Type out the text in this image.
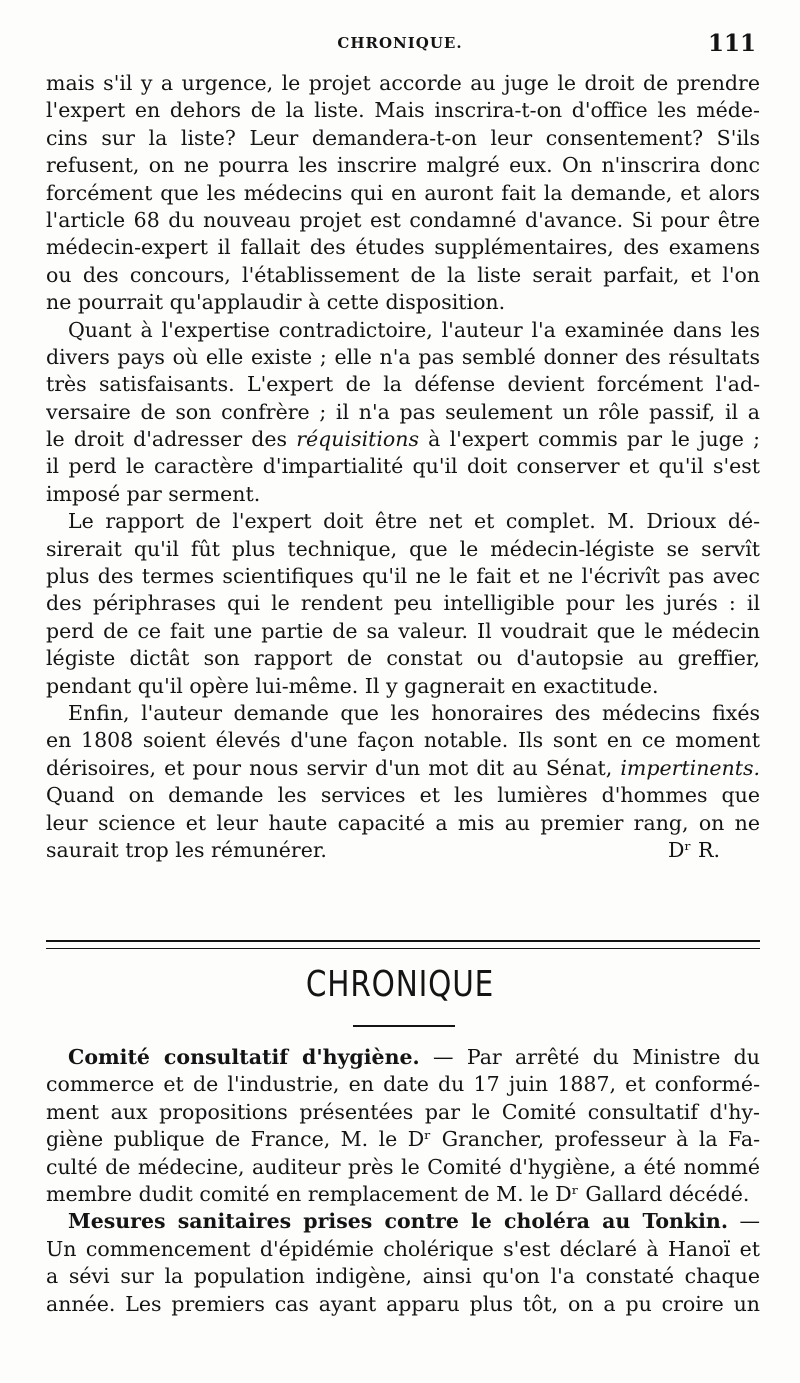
CHRONIQUE.	111
mais s'il y a urgence, le projet accorde au juge le droit de prendre
l'expert en dehors de la liste. Mais inscrira-t-on d'office les méde-
cins sur la liste? Leur demandera-t-on leur consentement? S'ils
refusent, on ne pourra les inscrire malgré eux. On n'inscrira donc
forcément que les médecins qui en auront fait la demande, et alors
l'article 68 du nouveau projet est condamné d'avance. Si pour être
médecin-expert il fallait des études supplémentaires, des examens
ou des concours, l'établissement de la liste serait parfait, et l'on
ne pourrait qu'applaudir à cette disposition.
Quant à l'expertise contradictoire, l'auteur l'a examinée dans les
divers pays où elle existe ; elle n'a pas semblé donner des résultats
très satisfaisants. L'expert de la défense devient forcément l'ad-
versaire de son confrère ; il n'a pas seulement un rôle passif, il a
le droit d'adresser des réquisitions à l'expert commis par le juge ;
il perd le caractère d'impartialité qu'il doit conserver et qu'il s'est
imposé par serment.
Le rapport de l'expert doit être net et complet. M. Drioux dé-
sirerait qu'il fût plus technique, que le médecin-légiste se servît
plus des termes scientifiques qu'il ne le fait et ne l'écrivît pas avec
des périphrases qui le rendent peu intelligible pour les jurés : il
perd de ce fait une partie de sa valeur. Il voudrait que le médecin
légiste dictât son rapport de constat ou d'autopsie au greffier,
pendant qu'il opère lui-même. Il y gagnerait en exactitude.
Enfin, l'auteur demande que les honoraires des médecins fixés
en 1808 soient élevés d'une façon notable. Ils sont en ce moment
dérisoires, et pour nous servir d'un mot dit au Sénat, impertinents.
Quand on demande les services et les lumières d'hommes que
leur science et leur haute capacité a mis au premier rang, on ne
saurait trop les rémunérer.	Dʳ R.
CHRONIQUE
Comité consultatif d'hygiène. — Par arrêté du Ministre du
commerce et de l'industrie, en date du 17 juin 1887, et conformé-
ment aux propositions présentées par le Comité consultatif d'hy-
giène publique de France, M. le Dʳ Grancher, professeur à la Fa-
culté de médecine, auditeur près le Comité d'hygiène, a été nommé
membre dudit comité en remplacement de M. le Dʳ Gallard décédé.
Mesures sanitaires prises contre le choléra au Tonkin. —
Un commencement d'épidémie cholérique s'est déclaré à Hanoï et
a sévi sur la population indigène, ainsi qu'on l'a constaté chaque
année. Les premiers cas ayant apparu plus tôt, on a pu croire un
